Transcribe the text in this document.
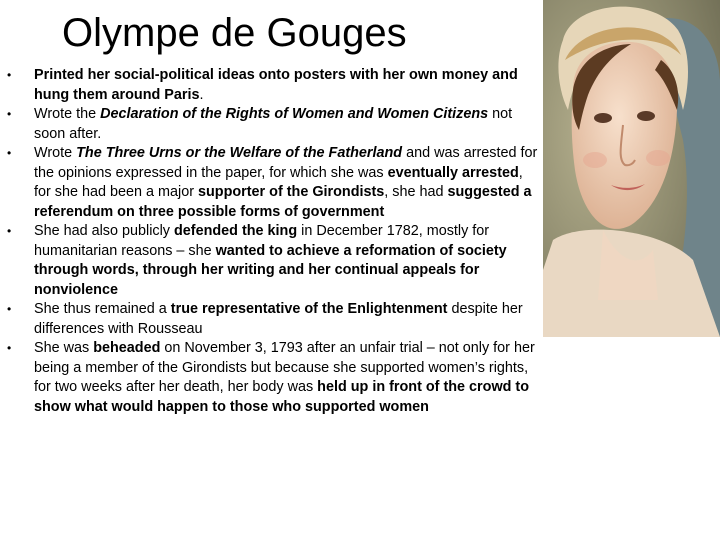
Olympe de Gouges
• Printed her social-political ideas onto posters with her own money and hung them around Paris.
• Wrote the Declaration of the Rights of Women and Women Citizens not soon after.
• Wrote The Three Urns or the Welfare of the Fatherland and was arrested for the opinions expressed in the paper, for which she was eventually arrested, for she had been a major supporter of the Girondists, she had suggested a referendum on three possible forms of government
• She had also publicly defended the king in December 1782, mostly for humanitarian reasons – she wanted to achieve a reformation of society through words, through her writing and her continual appeals for nonviolence
• She thus remained a true representative of the Enlightenment despite her differences with Rousseau
• She was beheaded on November 3, 1793 after an unfair trial – not only for her being a member of the Girondists but because she supported women’s rights, for two weeks after her death, her body was held up in front of the crowd to show what would happen to those who supported women
